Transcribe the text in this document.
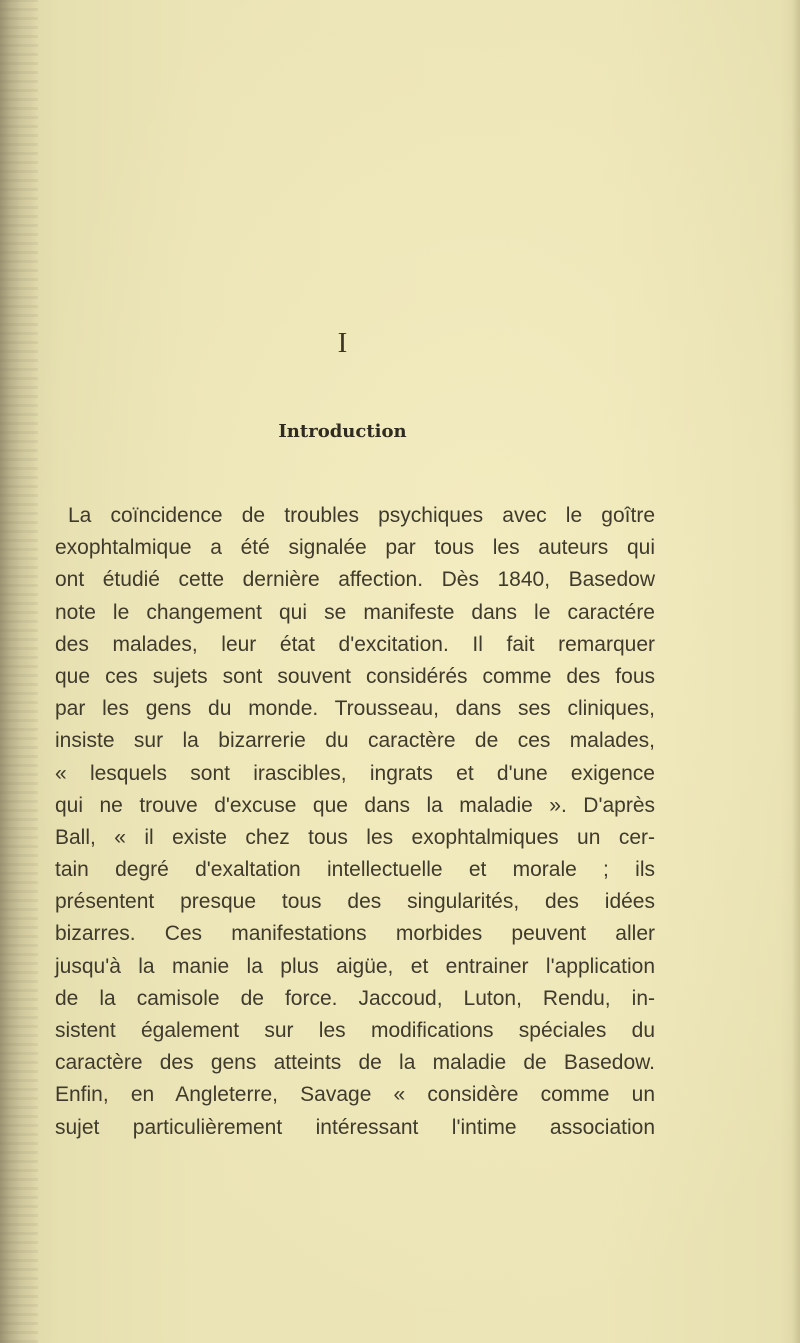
I
Introduction
La coïncidence de troubles psychiques avec le goître
exophtalmique a été signalée par tous les auteurs qui
ont étudié cette dernière affection. Dès 1840, Basedow
note le changement qui se manifeste dans le caractére
des malades, leur état d'excitation. Il fait remarquer
que ces sujets sont souvent considérés comme des fous
par les gens du monde. Trousseau, dans ses cliniques,
insiste sur la bizarrerie du caractère de ces malades,
« lesquels sont irascibles, ingrats et d'une exigence
qui ne trouve d'excuse que dans la maladie ». D'après
Ball, « il existe chez tous les exophtalmiques un cer-
tain degré d'exaltation intellectuelle et morale ; ils
présentent presque tous des singularités, des idées
bizarres. Ces manifestations morbides peuvent aller
jusqu'à la manie la plus aigüe, et entrainer l'application
de la camisole de force. Jaccoud, Luton, Rendu, in-
sistent également sur les modifications spéciales du
caractère des gens atteints de la maladie de Basedow.
Enfin, en Angleterre, Savage « considère comme un
sujet particulièrement intéressant l'intime association
